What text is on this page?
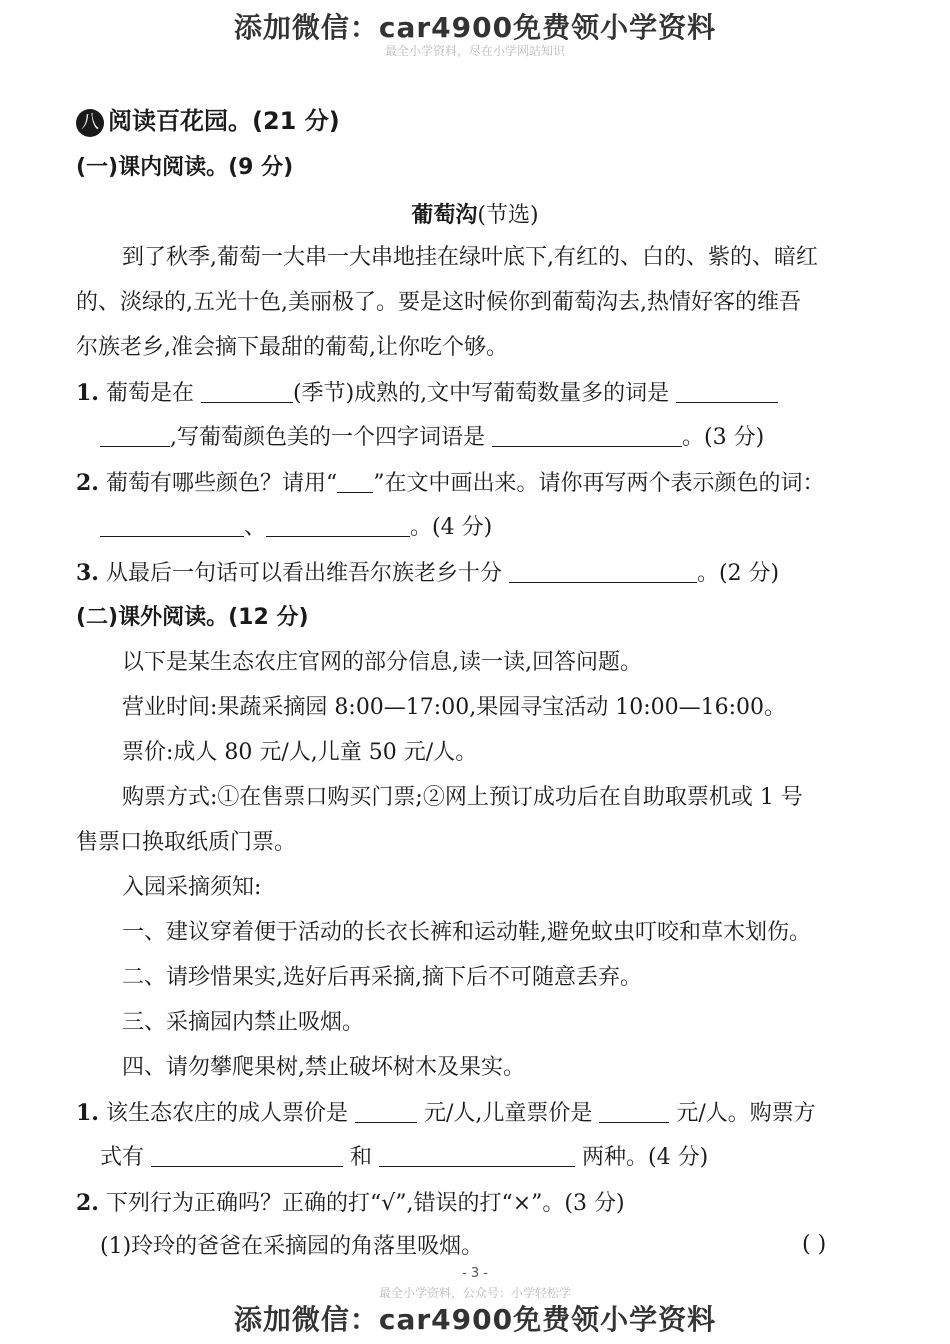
添加微信：car4900免费领小学资料
最全小学资料，尽在小学网站知识
八 阅读百花园。(21 分)
(一)课内阅读。(9 分)
葡萄沟(节选)
到了秋季,葡萄一大串一大串地挂在绿叶底下,有红的、白的、紫的、暗红
的、淡绿的,五光十色,美丽极了。要是这时候你到葡萄沟去,热情好客的维吾
尔族老乡,准会摘下最甜的葡萄,让你吃个够。
1. 葡萄是在	(季节)成熟的,文中写葡萄数量多的词是
,写葡萄颜色美的一个四字词语是	。(3 分)
2. 葡萄有哪些颜色？请用“ ”在文中画出来。请你再写两个表示颜色的词：
、	。(4 分)
3. 从最后一句话可以看出维吾尔族老乡十分	。(2 分)
(二)课外阅读。(12 分)
以下是某生态农庄官网的部分信息,读一读,回答问题。
营业时间:果蔬采摘园 8:00—17:00,果园寻宝活动 10:00—16:00。
票价:成人 80 元/人,儿童 50 元/人。
购票方式:①在售票口购买门票;②网上预订成功后在自助取票机或 1 号
售票口换取纸质门票。
入园采摘须知:
一、建议穿着便于活动的长衣长裤和运动鞋,避免蚊虫叮咬和草木划伤。
二、请珍惜果实,选好后再采摘,摘下后不可随意丢弃。
三、采摘园内禁止吸烟。
四、请勿攀爬果树,禁止破坏树木及果实。
1. 该生态农庄的成人票价是	元/人,儿童票价是	元/人。购票方
式有	和	两种。(4 分)
2. 下列行为正确吗？正确的打“√”,错误的打“×”。(3 分)
(1)玲玲的爸爸在采摘园的角落里吸烟。	( )
- 3 -
最全小学资料，公众号：小学轻松学
添加微信：car4900免费领小学资料
